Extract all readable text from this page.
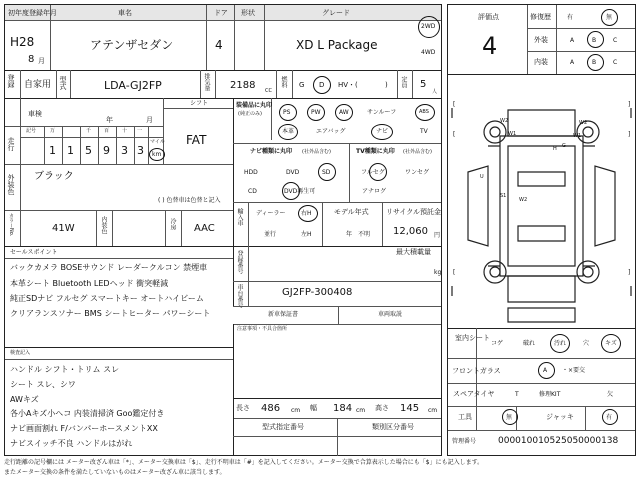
初年度登録年月	車名	ドア 形状	グレード
H28
8 月
アテンザセダン	4	XD L Package
2WD
4WD
登録 自家用 型式	LDA-GJ2FP	排気量 2188 CC
燃料 G D HV・(	) 定員 5
人
車検
年	月
シフト
FAT
走行
記号	万	千	百	十 一
1 1 5 9 3 3
マイル
km
外装色 ブラック
( ) 色替車は色替と記入
カラーNo.	41W	内装色	冷房 AAC
装備品に丸印
(純正のみ)	PS	PW	AW	サンルーフ	ABS
本革	エアバッグ	ナビ	TV
ナビ種類に丸印 (社外品含む)
HDD	DVD	SD
CD	DVD再生可
TV種類に丸印 (社外品含む)
フルセグ	ワンセグ
アナログ
輸入車 ディーラー	右H
並行	左H
モデル年式
年　不明
リサイクル預託金
12,060 円
最大積載量
kg
登録番号
車台番号	GJ2FP-300408
セールスポイント
バックカメラ BOSEサウンド レーダークルコン 禁煙車
本革シート Bluetooth LEDヘッド 衝突軽減
純正SDナビ フルセグ スマートキー オートハイビーム
クリアランスソナー BMS シートヒーター パワーシート	新車保証書	車両取説
注意事項・不具合箇所
検査記入
ハンドル シフト・トリム スレ
シート スレ、シワ
AWキズ
各小Aキズ小ヘコ 内装清掃済 Goo鑑定付き
ナビ画面割れ F/バンパーホースメントXX
ナビスイッチ不良 ハンドルはがれ
長さ 486 cm 幅 184 cm 高さ 145 cm
型式指定番号	類別区分番号
評価点
4
修復歴	有	無
外装	A	B	C
内装	A	B	C
[	]
[	]
[	]
W2	W2
W1	W1
H G
U
S1
W2
室内シート
コゲ	破れ	汚れ	穴	キズ
フロントガラス	A ・×要交
スペアタイヤ	T	修理KIT	欠
工具	無	ジャッキ	有
管理番号 000010010525050000138
走行距離の記号欄には メーター改ざん車は「*」、メーター交換車は「$」、走行不明車は「#」を記入してください。メーター交換で合算表示した場合にも「$」にも記入します。
またメーター交換の条件を満たしていないものはメーター改ざん車に該当します。
